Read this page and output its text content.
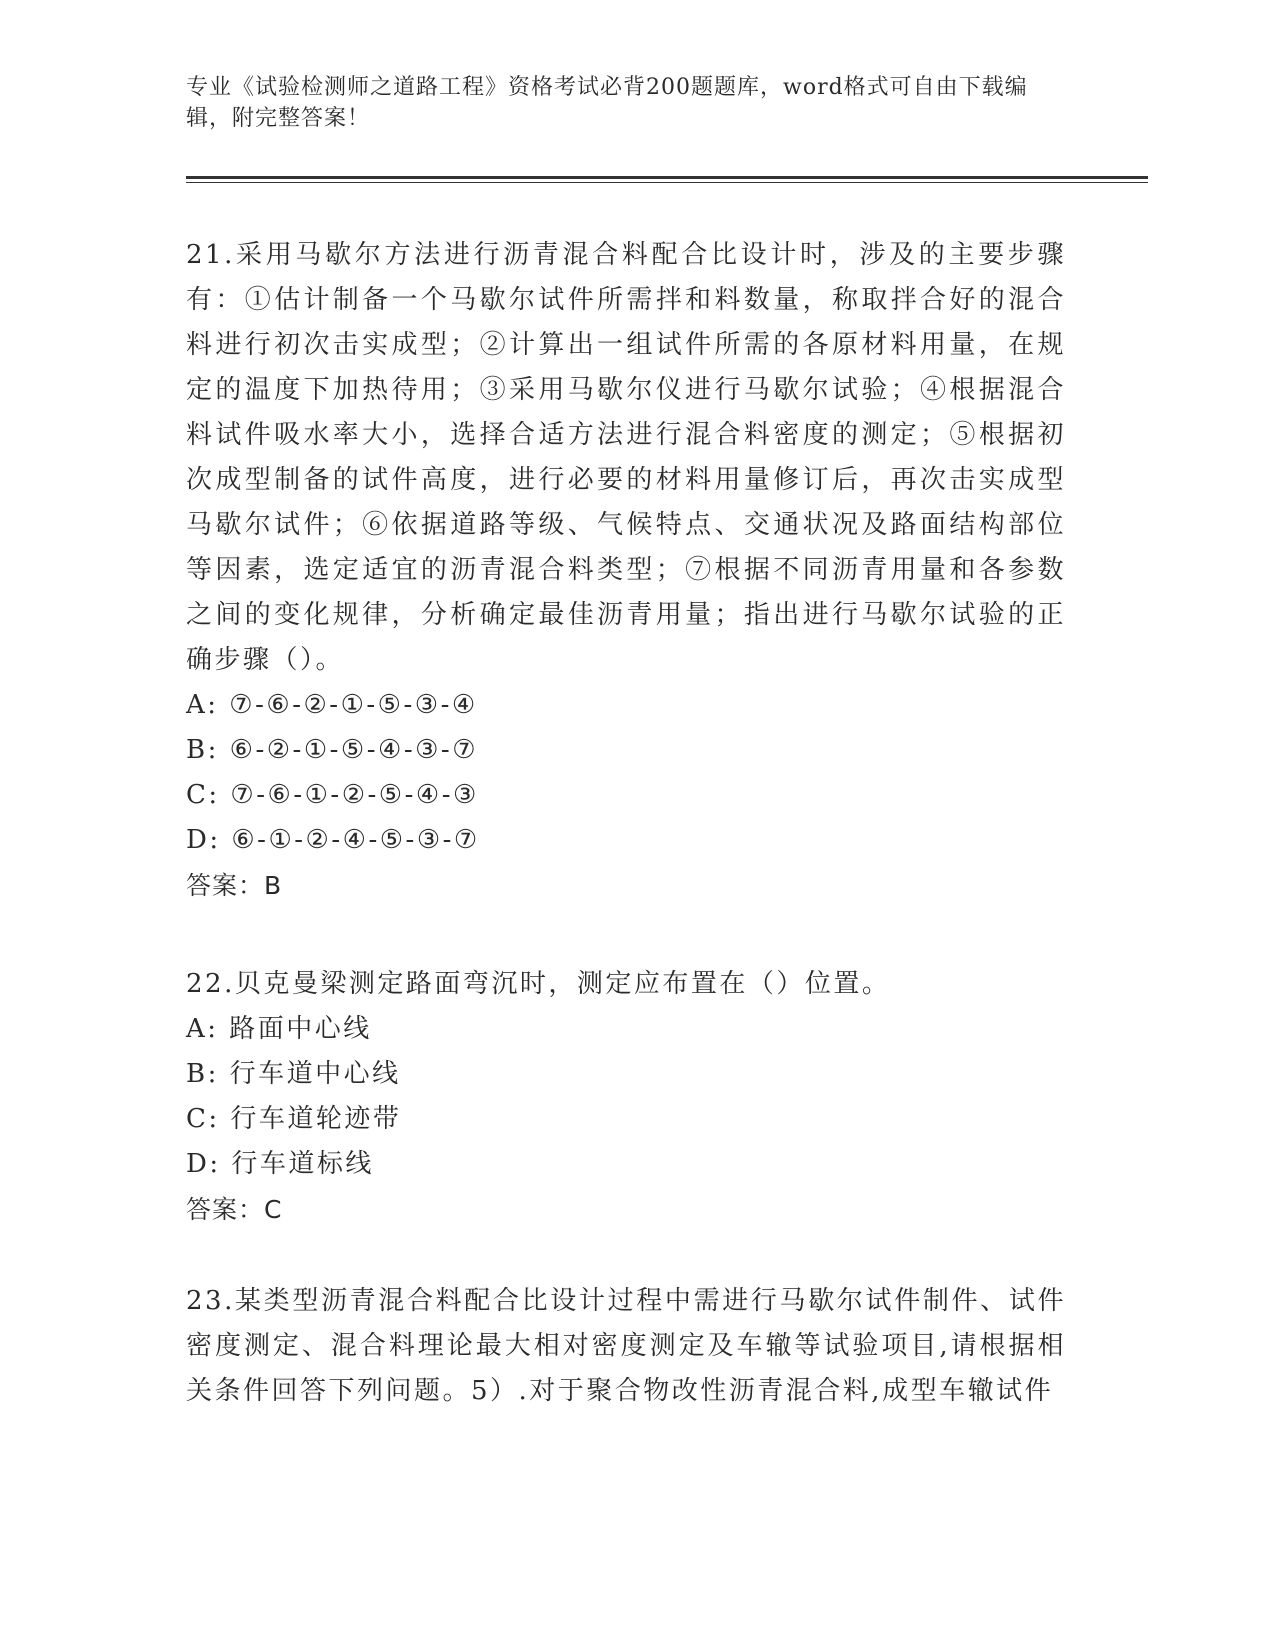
专业《试验检测师之道路工程》资格考试必背200题题库，word格式可自由下载编辑，附完整答案！

21.采用马歇尔方法进行沥青混合料配合比设计时，涉及的主要步骤有：①估计制备一个马歇尔试件所需拌和料数量，称取拌合好的混合料进行初次击实成型；②计算出一组试件所需的各原材料用量，在规定的温度下加热待用；③采用马歇尔仪进行马歇尔试验；④根据混合料试件吸水率大小，选择合适方法进行混合料密度的测定；⑤根据初次成型制备的试件高度，进行必要的材料用量修订后，再次击实成型马歇尔试件；⑥依据道路等级、气候特点、交通状况及路面结构部位等因素，选定适宜的沥青混合料类型；⑦根据不同沥青用量和各参数之间的变化规律，分析确定最佳沥青用量；指出进行马歇尔试验的正确步骤（）。

A: ⑦-⑥-②-①-⑤-③-④

B: ⑥-②-①-⑤-④-③-⑦

C: ⑦-⑥-①-②-⑤-④-③

D: ⑥-①-②-④-⑤-③-⑦

答案：B

22.贝克曼梁测定路面弯沉时，测定应布置在（）位置。

A: 路面中心线

B: 行车道中心线

C: 行车道轮迹带

D: 行车道标线

答案：C

23.某类型沥青混合料配合比设计过程中需进行马歇尔试件制件、试件密度测定、混合料理论最大相对密度测定及车辙等试验项目,请根据相关条件回答下列问题。5）.对于聚合物改性沥青混合料,成型车辙试件
